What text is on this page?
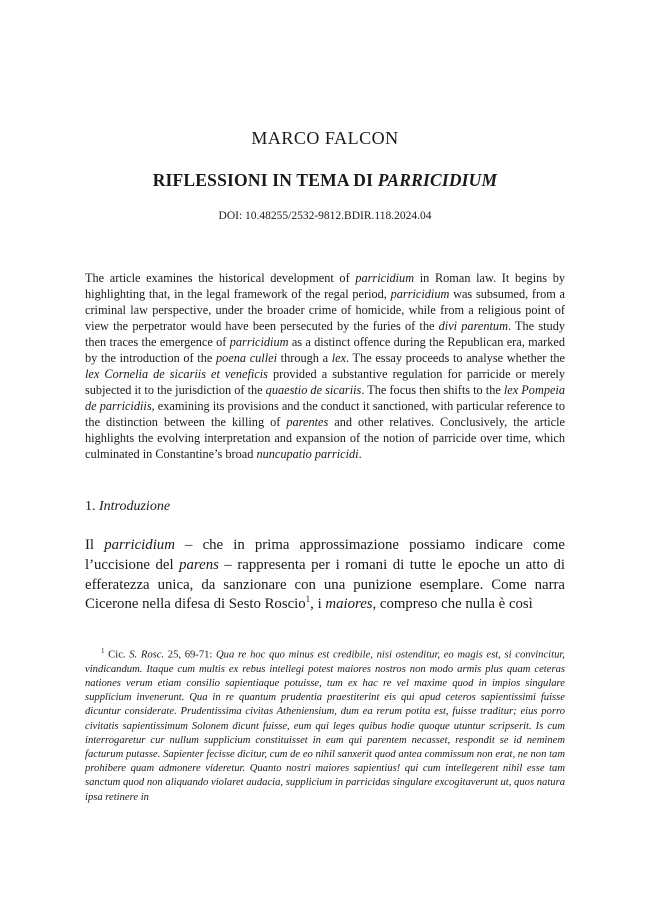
MARCO FALCON
RIFLESSIONI IN TEMA DI PARRICIDIUM
DOI: 10.48255/2532-9812.BDIR.118.2024.04

The article examines the historical development of parricidium in Roman law. It begins by highlighting that, in the legal framework of the regal period, parricidium was subsumed, from a criminal law perspective, under the broader crime of homicide, while from a religious point of view the perpetrator would have been persecuted by the furies of the divi parentum. The study then traces the emergence of parricidium as a distinct offence during the Republican era, marked by the introduction of the poena cullei through a lex. The essay proceeds to analyse whether the lex Cornelia de sicariis et veneficis provided a substantive regulation for parricide or merely subjected it to the jurisdiction of the quaestio de sicariis. The focus then shifts to the lex Pompeia de parricidiis, examining its provisions and the conduct it sanctioned, with particular reference to the distinction between the killing of parentes and other relatives. Conclusively, the article highlights the evolving interpretation and expansion of the notion of parricide over time, which culminated in Constantine’s broad nuncupatio parricidi.

1. Introduzione

Il parricidium – che in prima approssimazione possiamo indicare come l’uccisione del parens – rappresenta per i romani di tutte le epoche un atto di efferatezza unica, da sanzionare con una punizione esemplare. Come narra Cicerone nella difesa di Sesto Roscio$^1$, i maiores, compreso che nulla è così

$^1$ Cic. S. Rosc. 25, 69-71: Qua re hoc quo minus est credibile, nisi ostenditur, eo magis est, si convincitur, vindicandum. Itaque cum multis ex rebus intellegi potest maiores nostros non modo armis plus quam ceteras nationes verum etiam consilio sapientiaque potuisse, tum ex hac re vel maxime quod in impios singulare supplicium invenerunt. Qua in re quantum prudentia praestiterint eis qui apud ceteros sapientissimi fuisse dicuntur considerate. Prudentissima civitas Atheniensium, dum ea rerum potita est, fuisse traditur; eius porro civitatis sapientissimum Solonem dicunt fuisse, eum qui leges quibus hodie quoque utuntur scripserit. Is cum interrogaretur cur nullum supplicium constituisset in eum qui parentem necasset, respondit se id neminem facturum putasse. Sapienter fecisse dicitur, cum de eo nihil sanxerit quod antea commissum non erat, ne non tam prohibere quam admonere videretur. Quanto nostri maiores sapientius! qui cum intellegerent nihil esse tam sanctum quod non aliquando violaret audacia, supplicium in parricidas singulare excogitaverunt ut, quos natura ipsa retinere in
